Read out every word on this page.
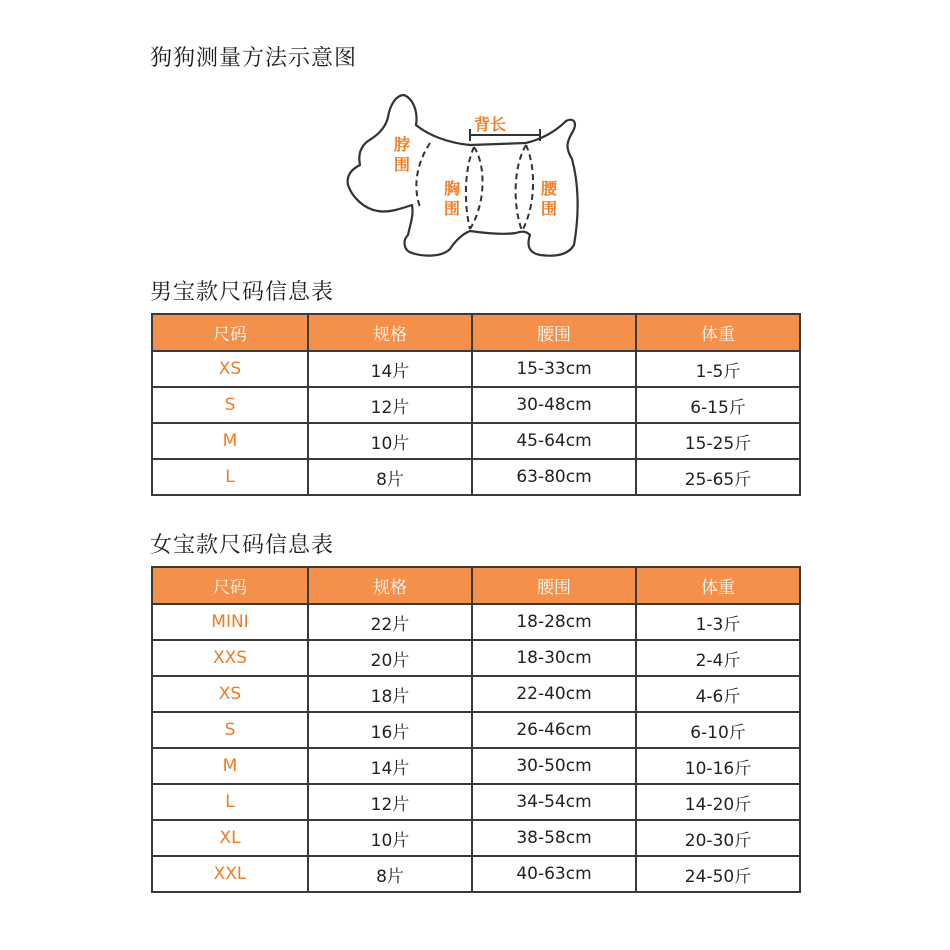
狗狗测量方法示意图
背长
脖围
胸围
腰围
男宝款尺码信息表
尺码	规格	腰围	体重
XS	14片	15-33cm	1-5斤
S	12片	30-48cm	6-15斤
M	10片	45-64cm	15-25斤
L	8片	63-80cm	25-65斤
女宝款尺码信息表
尺码	规格	腰围	体重
MINI	22片	18-28cm	1-3斤
XXS	20片	18-30cm	2-4斤
XS	18片	22-40cm	4-6斤
S	16片	26-46cm	6-10斤
M	14片	30-50cm	10-16斤
L	12片	34-54cm	14-20斤
XL	10片	38-58cm	20-30斤
XXL	8片	40-63cm	24-50斤
